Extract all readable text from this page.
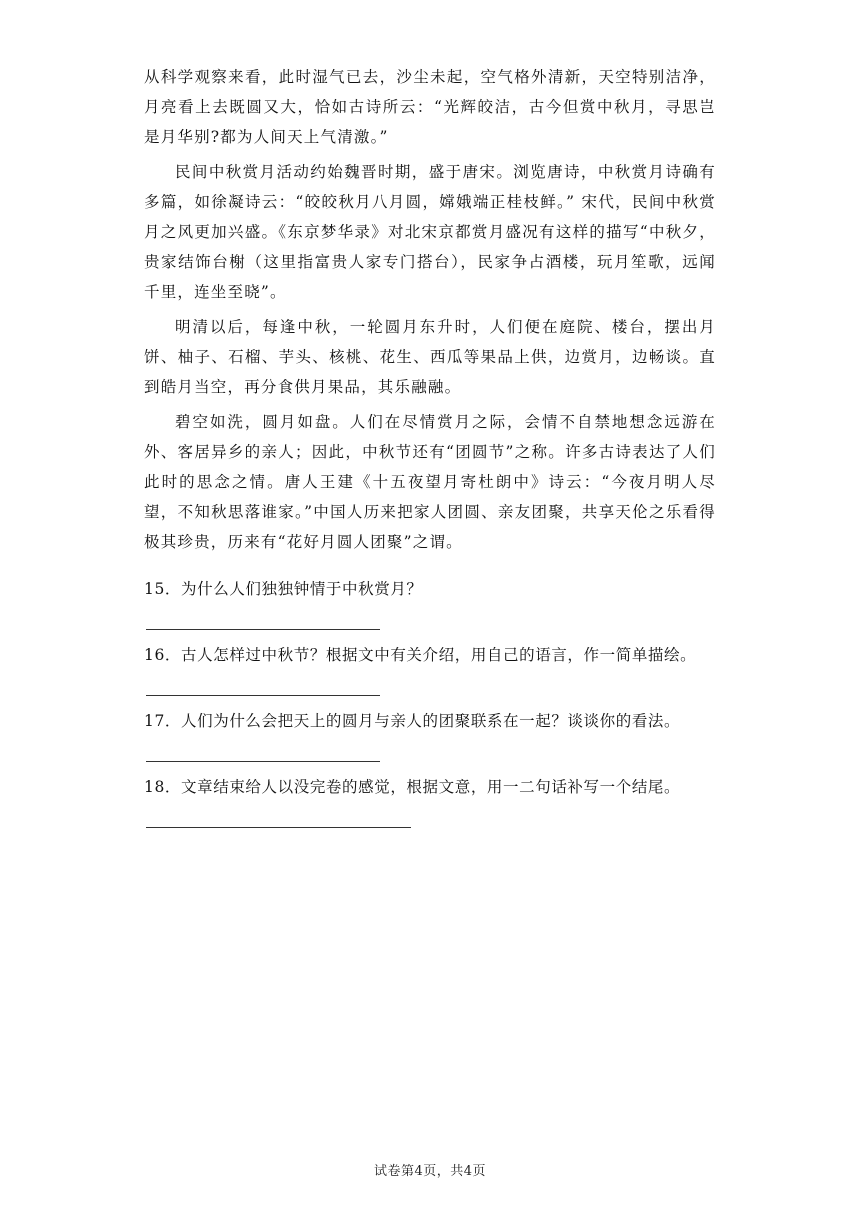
从科学观察来看，此时湿气已去，沙尘未起，空气格外清新，天空特别洁净，月亮看上去既圆又大，恰如古诗所云：“光辉皎洁，古今但赏中秋月，寻思岂是月华别?都为人间天上气清激。”

民间中秋赏月活动约始魏晋时期，盛于唐宋。浏览唐诗，中秋赏月诗确有多篇，如徐凝诗云：“皎皎秋月八月圆，嫦娥端正桂枝鲜。” 宋代，民间中秋赏月之风更加兴盛。《东京梦华录》对北宋京都赏月盛况有这样的描写“中秋夕，贵家结饰台榭（这里指富贵人家专门搭台），民家争占酒楼，玩月笙歌，远闻千里，连坐至晓”。

明清以后，每逢中秋，一轮圆月东升时，人们便在庭院、楼台，摆出月饼、柚子、石榴、芋头、核桃、花生、西瓜等果品上供，边赏月，边畅谈。直到皓月当空，再分食供月果品，其乐融融。

碧空如洗，圆月如盘。人们在尽情赏月之际，会情不自禁地想念远游在外、客居异乡的亲人；因此，中秋节还有“团圆节”之称。许多古诗表达了人们此时的思念之情。唐人王建《十五夜望月寄杜朗中》诗云：“今夜月明人尽望，不知秋思落谁家。”中国人历来把家人团圆、亲友团聚，共享天伦之乐看得极其珍贵，历来有“花好月圆人团聚”之谓。

15．为什么人们独独钟情于中秋赏月？
16．古人怎样过中秋节？根据文中有关介绍，用自己的语言，作一简单描绘。
17．人们为什么会把天上的圆月与亲人的团聚联系在一起？谈谈你的看法。
18．文章结束给人以没完卷的感觉，根据文意，用一二句话补写一个结尾。
试卷第4页，共4页
